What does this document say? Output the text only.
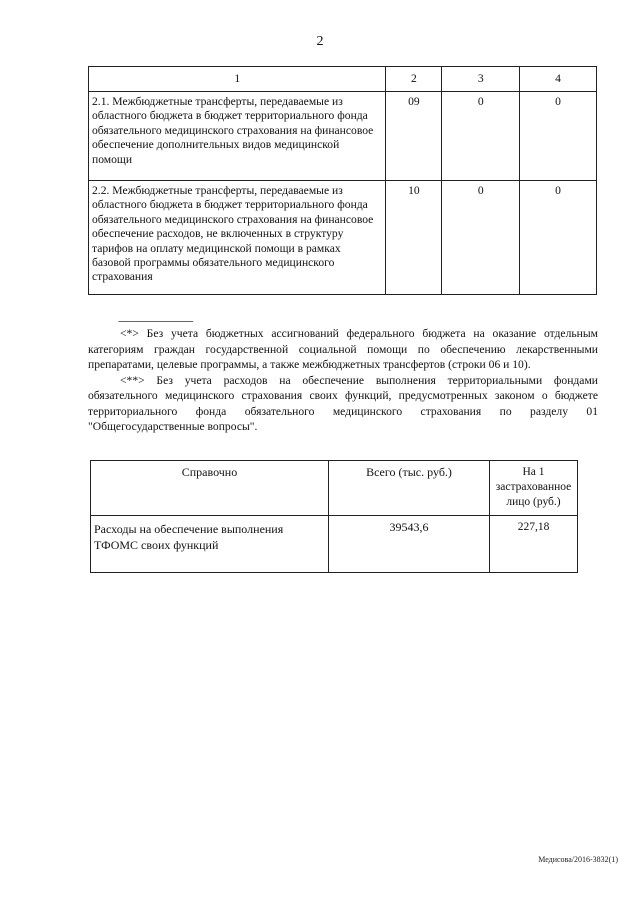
2
1	2	3	4
2.1. Межбюджетные трансферты, передаваемые из областного бюджета в бюджет территориального фонда обязательного медицинского страхования на финансовое обеспечение дополнительных видов медицинской помощи	09	0	0
2.2. Межбюджетные трансферты, передаваемые из областного бюджета в бюджет территориального фонда обязательного медицинского страхования на финансовое обеспечение расходов, не включенных в структуру тарифов на оплату медицинской помощи в рамках базовой программы обязательного медицинского страхования	10	0	0
--------------------------------

<*> Без учета бюджетных ассигнований федерального бюджета на оказание отдельным категориям граждан государственной социальной помощи по обеспечению лекарственными препаратами, целевые программы, а также межбюджетных трансфертов (строки 06 и 10).

<**> Без учета расходов на обеспечение выполнения территориальными фондами обязательного медицинского страхования своих функций, предусмотренных законом о бюджете территориального фонда обязательного медицинского страхования по разделу 01 "Общегосударственные вопросы".

Справочно	Всего (тыс. руб.)	На 1 застрахованное лицо (руб.)
Расходы на обеспечение выполнения ТФОМС своих функций	39543,6	227,18
Медисова/2016-3832(1)
